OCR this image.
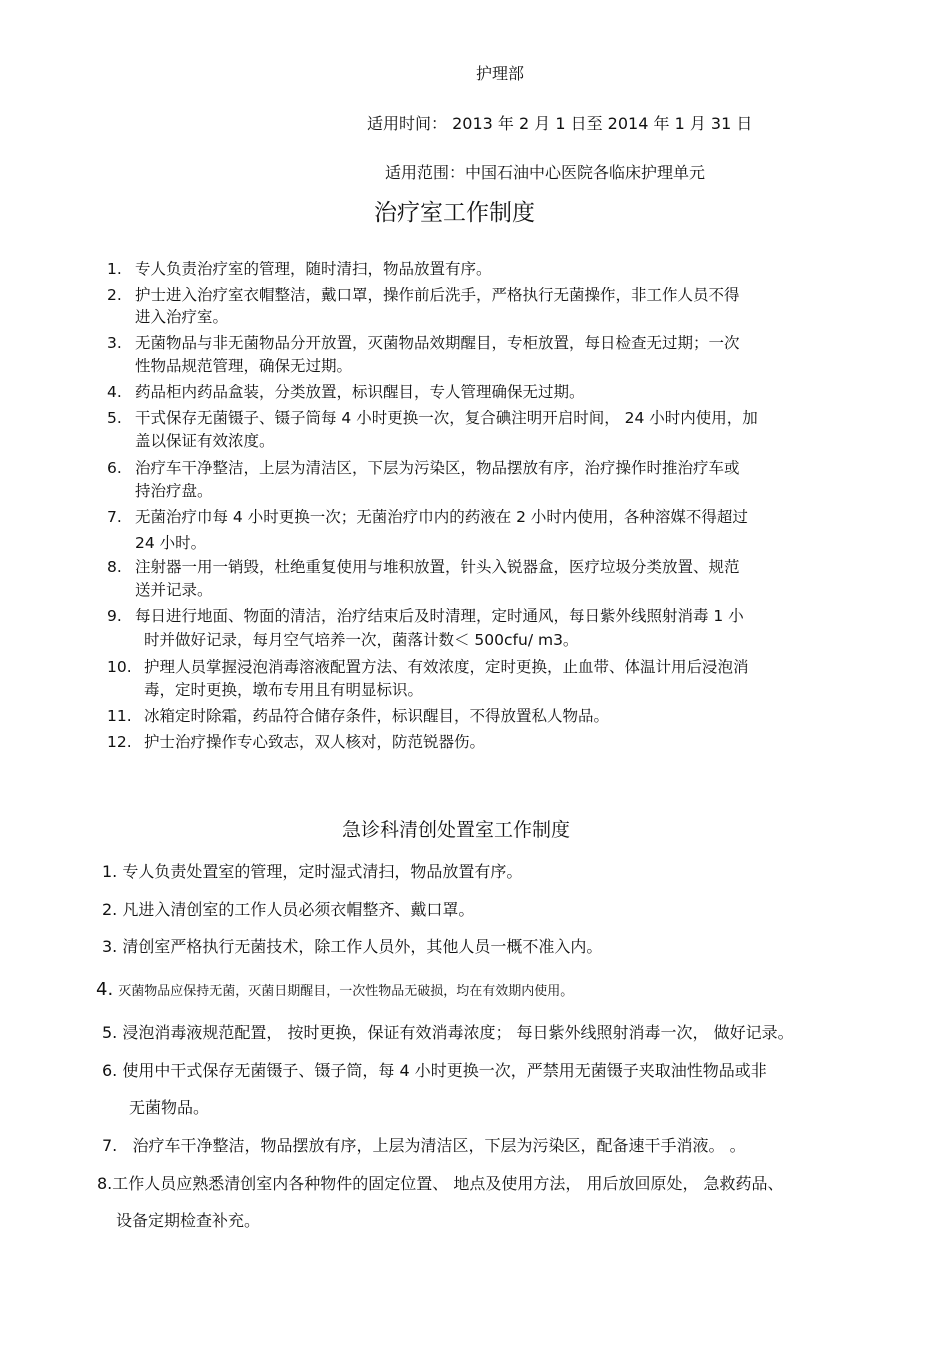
护理部
适用时间： 2013 年 2 月 1 日至 2014 年 1 月 31 日
适用范围：中国石油中心医院各临床护理单元
治疗室工作制度
1. 专人负责治疗室的管理，随时清扫，物品放置有序。
2. 护士进入治疗室衣帽整洁，戴口罩，操作前后洗手，严格执行无菌操作，非工作人员不得
进入治疗室。
3. 无菌物品与非无菌物品分开放置，灭菌物品效期醒目，专柜放置，每日检查无过期；一次
性物品规范管理，确保无过期。
4. 药品柜内药品盒装，分类放置，标识醒目，专人管理确保无过期。
5. 干式保存无菌镊子、镊子筒每 4 小时更换一次，复合碘注明开启时间， 24 小时内使用，加
盖以保证有效浓度。
6. 治疗车干净整洁，上层为清洁区，下层为污染区，物品摆放有序，治疗操作时推治疗车或
持治疗盘。
7. 无菌治疗巾每 4 小时更换一次；无菌治疗巾内的药液在 2 小时内使用，各种溶媒不得超过
24 小时。
8. 注射器一用一销毁，杜绝重复使用与堆积放置，针头入锐器盒，医疗垃圾分类放置、规范
送并记录。
9. 每日进行地面、物面的清洁，治疗结束后及时清理，定时通风，每日紫外线照射消毒 1 小
时并做好记录，每月空气培养一次，菌落计数＜ 500cfu/ m3。
10. 护理人员掌握浸泡消毒溶液配置方法、有效浓度，定时更换，止血带、体温计用后浸泡消
毒，定时更换，墩布专用且有明显标识。
11. 冰箱定时除霜，药品符合储存条件，标识醒目，不得放置私人物品。
12. 护士治疗操作专心致志，双人核对，防范锐器伤。
急诊科清创处置室工作制度
1. 专人负责处置室的管理，定时湿式清扫，物品放置有序。
2. 凡进入清创室的工作人员必须衣帽整齐、戴口罩。
3. 清创室严格执行无菌技术，除工作人员外，其他人员一概不准入内。
4. 灭菌物品应保持无菌，灭菌日期醒目，一次性物品无破损，均在有效期内使用。
5. 浸泡消毒液规范配置， 按时更换，保证有效消毒浓度； 每日紫外线照射消毒一次， 做好记录。
6. 使用中干式保存无菌镊子、镊子筒，每 4 小时更换一次，严禁用无菌镊子夹取油性物品或非
无菌物品。
7. 治疗车干净整洁，物品摆放有序，上层为清洁区，下层为污染区，配备速干手消液。 。
8.工作人员应熟悉清创室内各种物件的固定位置、 地点及使用方法， 用后放回原处， 急救药品、
设备定期检查补充。
